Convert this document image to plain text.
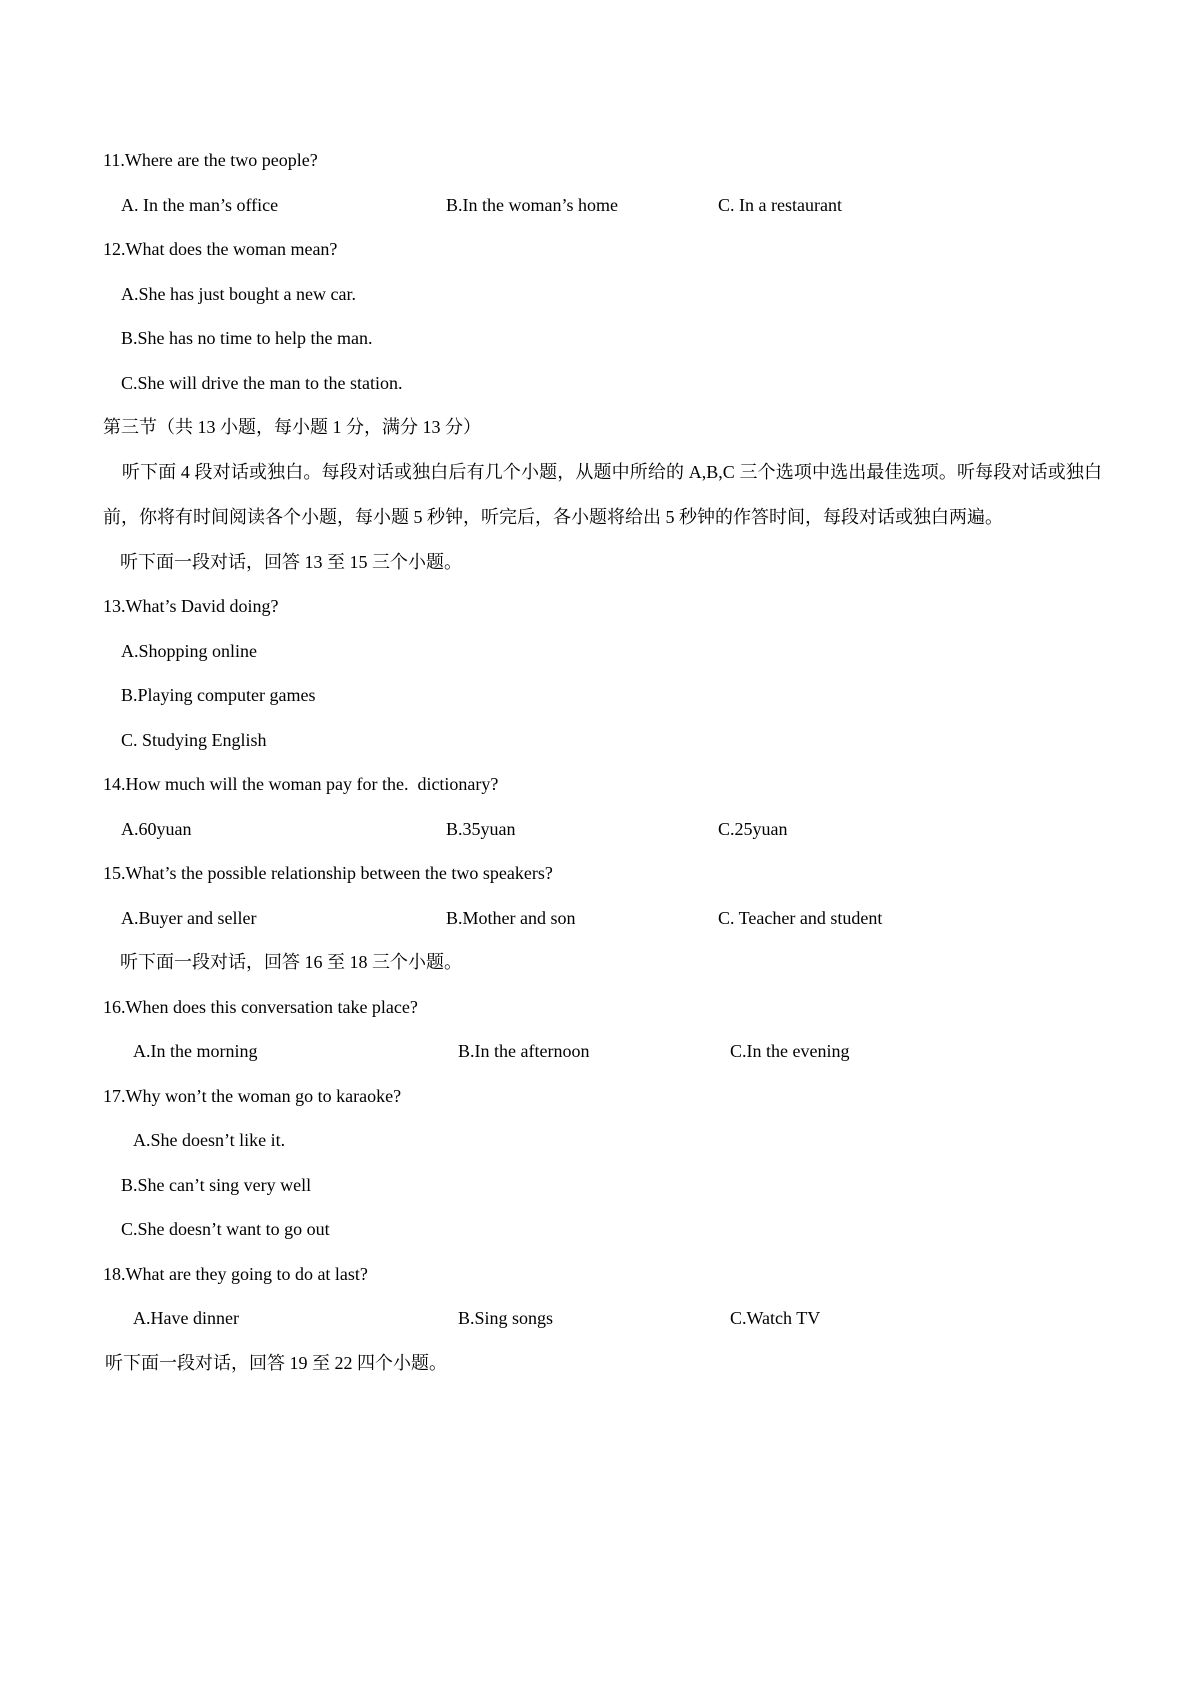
11.Where are the two people?
A. In the man’s office	B.In the woman’s home	C. In a restaurant
12.What does the woman mean?
A.She has just bought a new car.
B.She has no time to help the man.
C.She will drive the man to the station.
第三节（共 13 小题，每小题 1 分，满分 13 分）
听下面 4 段对话或独白。每段对话或独白后有几个小题，从题中所给的 A,B,C 三个选项中选出最佳选项。听每段对话或独白前，你将有时间阅读各个小题，每小题 5 秒钟，听完后，各小题将给出 5 秒钟的作答时间，每段对话或独白两遍。
听下面一段对话，回答 13 至 15 三个小题。
13.What’s David doing?
A.Shopping online
B.Playing computer games
C. Studying English
14.How much will the woman pay for the.  dictionary?
A.60yuan	B.35yuan	C.25yuan
15.What’s the possible relationship between the two speakers?
A.Buyer and seller	B.Mother and son	C. Teacher and student
听下面一段对话，回答 16 至 18 三个小题。
16.When does this conversation take place?
A.In the morning	B.In the afternoon	C.In the evening
17.Why won’t the woman go to karaoke?
A.She doesn’t like it.
B.She can’t sing very well
C.She doesn’t want to go out
18.What are they going to do at last?
A.Have dinner	B.Sing songs	C.Watch TV
听下面一段对话，回答 19 至 22 四个小题。
